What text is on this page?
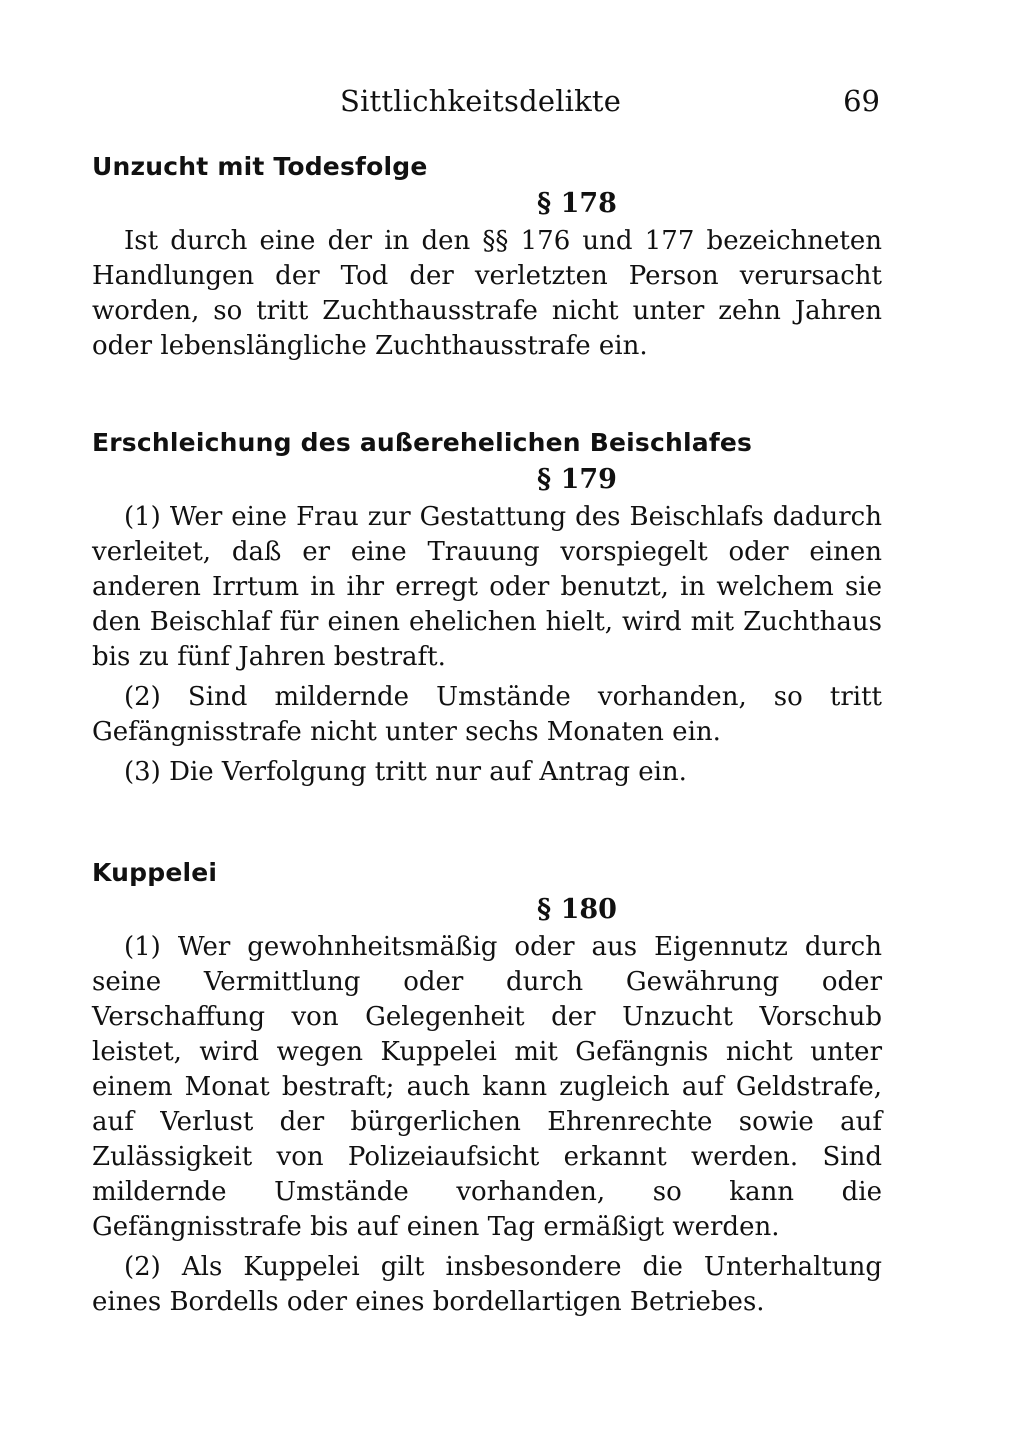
Sittlichkeitsdelikte	69
Unzucht mit Todesfolge
§ 178

Ist durch eine der in den §§ 176 und 177 bezeichneten Handlungen der Tod der verletzten Person verursacht worden, so tritt Zuchthausstrafe nicht unter zehn Jahren oder lebenslängliche Zuchthausstrafe ein.

Erschleichung des außerehelichen Beischlafes
§ 179

(1) Wer eine Frau zur Gestattung des Beischlafs dadurch verleitet, daß er eine Trauung vorspiegelt oder einen anderen Irrtum in ihr erregt oder benutzt, in welchem sie den Beischlaf für einen ehelichen hielt, wird mit Zuchthaus bis zu fünf Jahren bestraft.

(2) Sind mildernde Umstände vorhanden, so tritt Gefängnisstrafe nicht unter sechs Monaten ein.

(3) Die Verfolgung tritt nur auf Antrag ein.

Kuppelei
§ 180

(1) Wer gewohnheitsmäßig oder aus Eigennutz durch seine Vermittlung oder durch Gewährung oder Verschaffung von Gelegenheit der Unzucht Vorschub leistet, wird wegen Kuppelei mit Gefängnis nicht unter einem Monat bestraft; auch kann zugleich auf Geldstrafe, auf Verlust der bürgerlichen Ehrenrechte sowie auf Zulässigkeit von Polizeiaufsicht erkannt werden. Sind mildernde Umstände vorhanden, so kann die Gefängnisstrafe bis auf einen Tag ermäßigt werden.

(2) Als Kuppelei gilt insbesondere die Unterhaltung eines Bordells oder eines bordellartigen Betriebes.
